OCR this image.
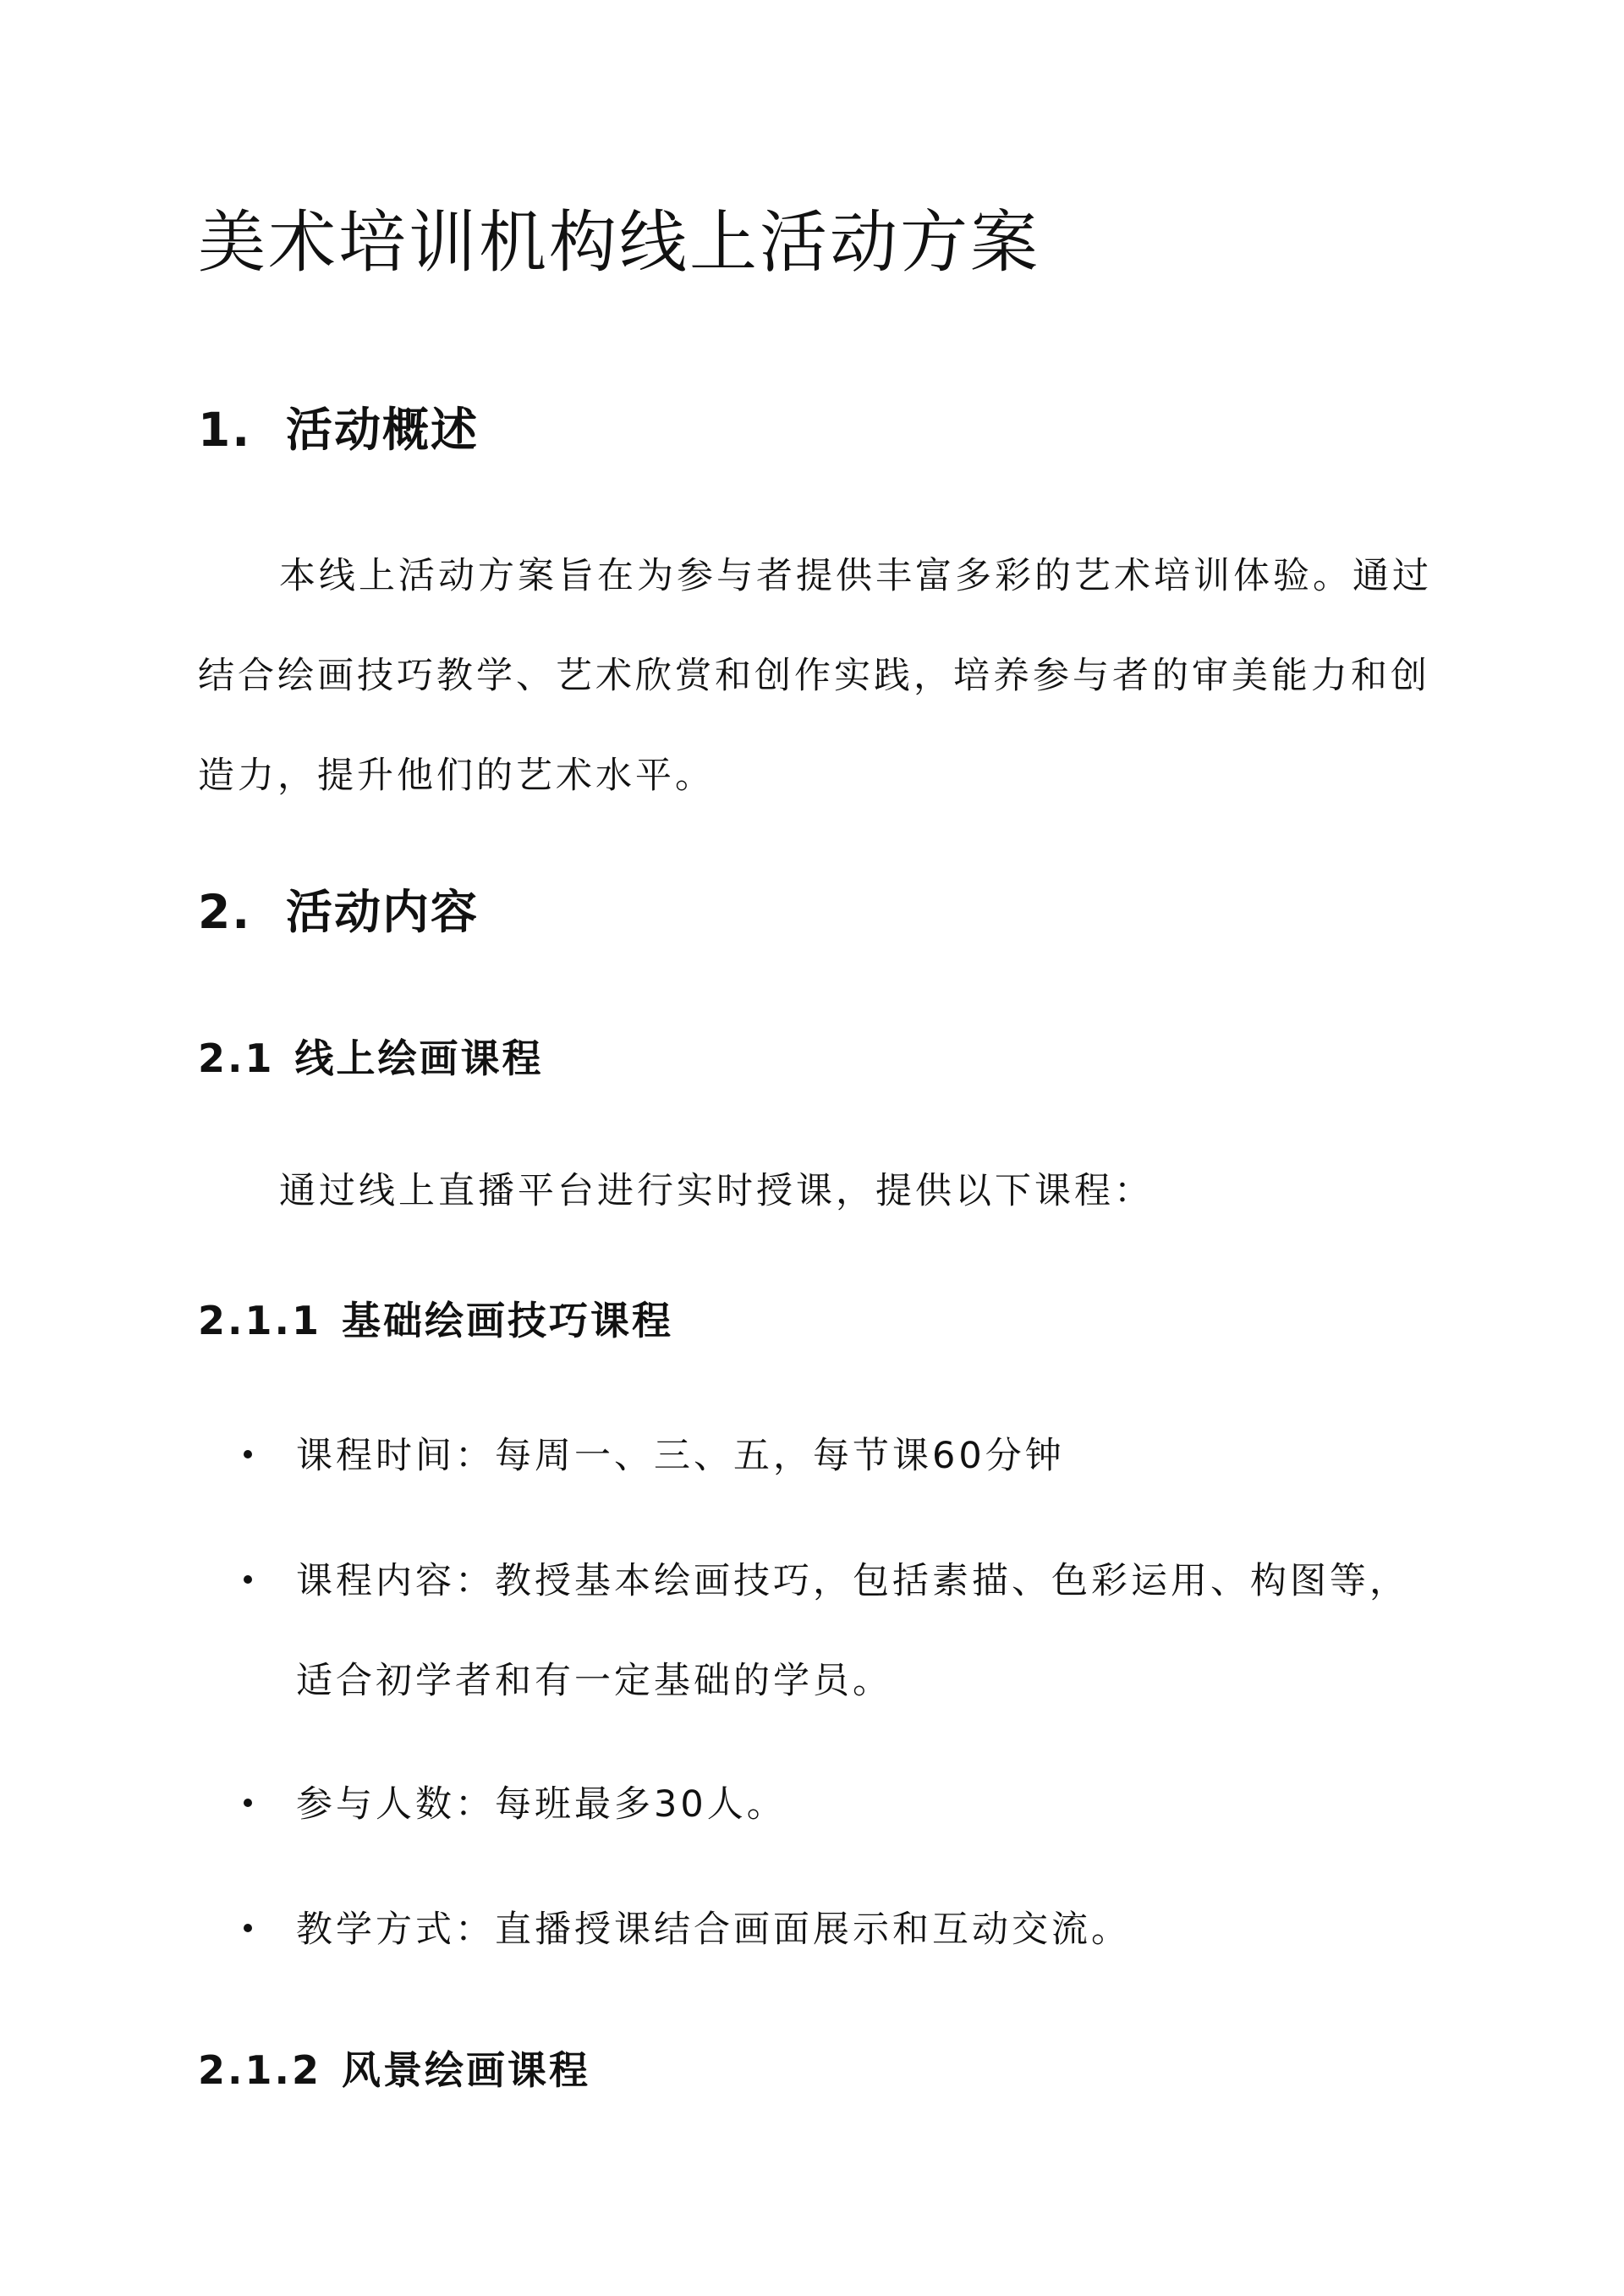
美术培训机构线上活动方案
1. 活动概述

本线上活动方案旨在为参与者提供丰富多彩的艺术培训体验。通过结合绘画技巧教学、艺术欣赏和创作实践，培养参与者的审美能力和创造力，提升他们的艺术水平。

2. 活动内容
2.1 线上绘画课程

通过线上直播平台进行实时授课，提供以下课程：

2.1.1 基础绘画技巧课程
课程时间：每周一、三、五，每节课60分钟
课程内容：教授基本绘画技巧，包括素描、色彩运用、构图等，适合初学者和有一定基础的学员。
参与人数：每班最多30人。
教学方式：直播授课结合画面展示和互动交流。
2.1.2 风景绘画课程
